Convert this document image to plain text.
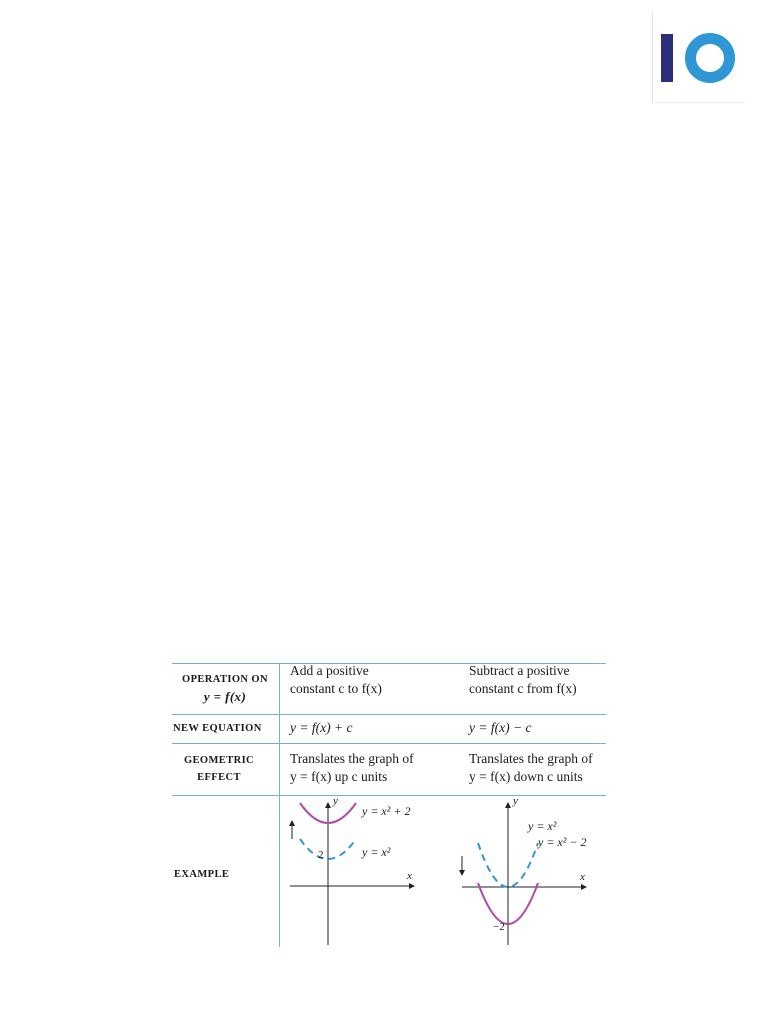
OPERATION ON
y = f(x)
Add a positive
constant c to f(x)
Subtract a positive
constant c from f(x)
NEW EQUATION	y = f(x) + c	y = f(x) − c
GEOMETRIC
EFFECT
Translates the graph of
y = f(x) up c units
Translates the graph of
y = f(x) down c units
EXAMPLE
y
x
y = x² + 2
y = x²
2
y
x
y = x²
y = x² − 2
−2
